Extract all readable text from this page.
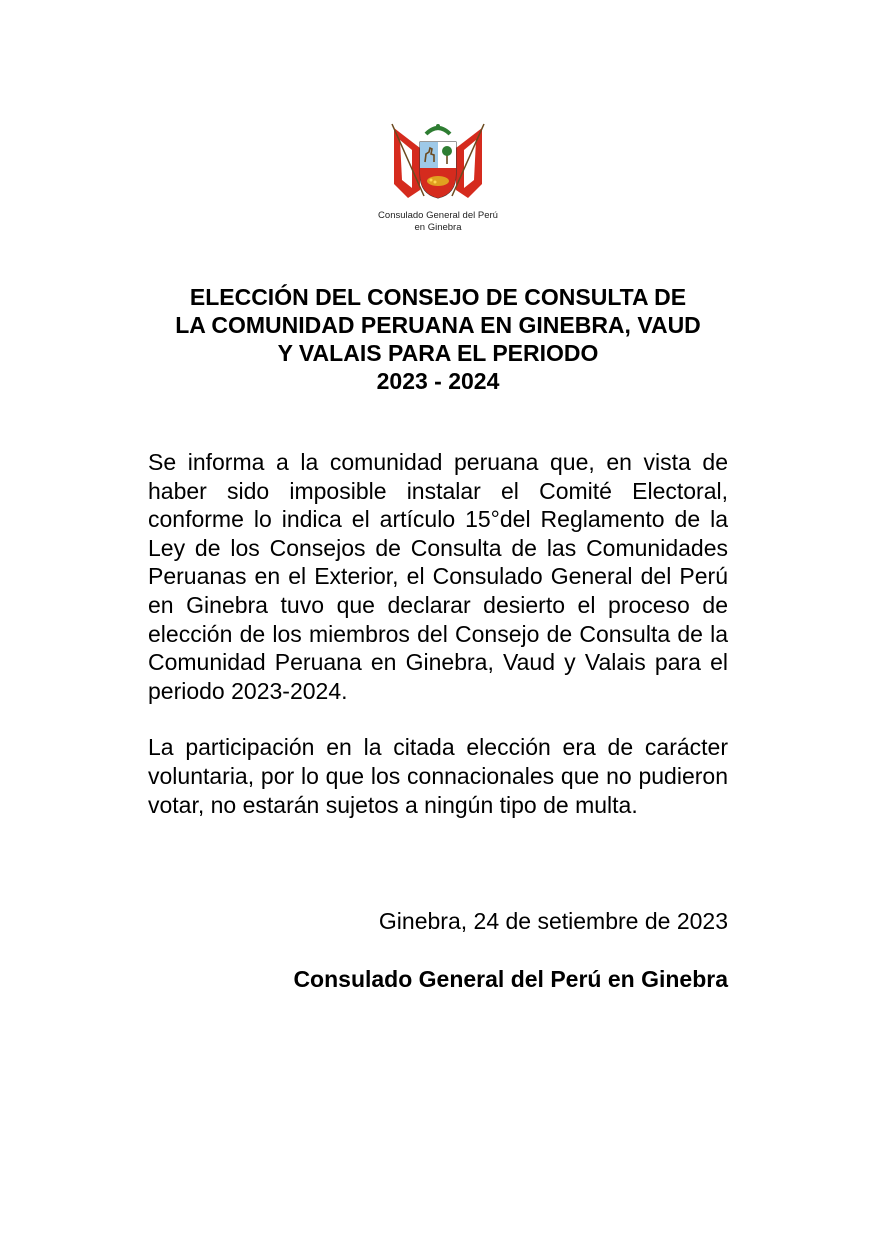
Consulado General del Perú
en Ginebra
ELECCIÓN DEL CONSEJO DE CONSULTA DE
LA COMUNIDAD PERUANA EN GINEBRA, VAUD
Y VALAIS PARA EL PERIODO
2023 - 2024

Se informa a la comunidad peruana que, en vista de haber sido imposible instalar el Comité Electoral, conforme lo indica el artículo 15°del Reglamento de la Ley de los Consejos de Consulta de las Comunidades Peruanas en el Exterior, el Consulado General del Perú en Ginebra tuvo que declarar desierto el proceso de elección de los miembros del Consejo de Consulta de la Comunidad Peruana en Ginebra, Vaud y Valais para el periodo 2023-2024.

La participación en la citada elección era de carácter voluntaria, por lo que los connacionales que no pudieron votar, no estarán sujetos a ningún tipo de multa.

Ginebra, 24 de setiembre de 2023
Consulado General del Perú en Ginebra
